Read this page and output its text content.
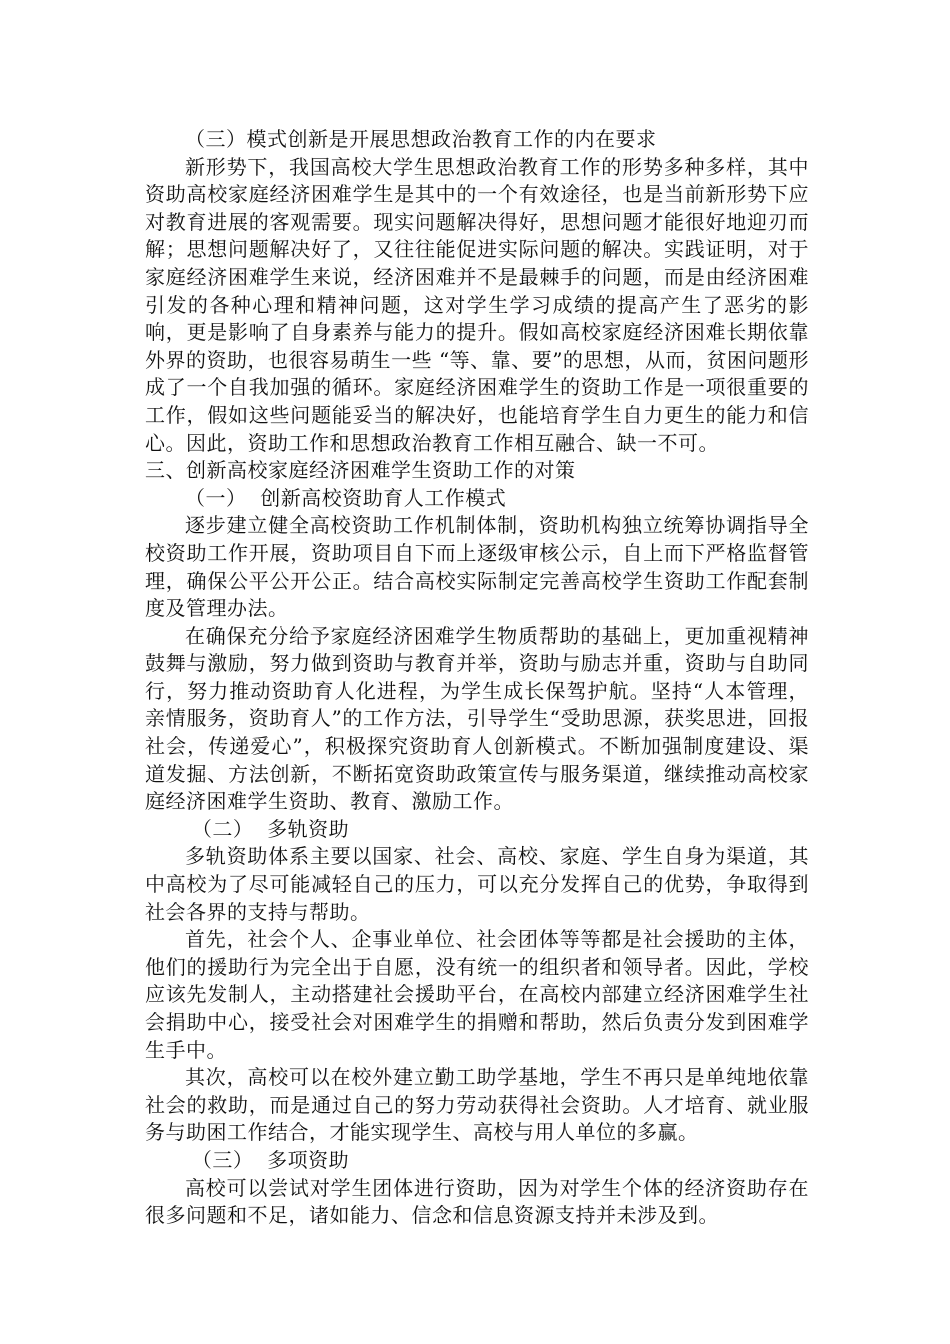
（三）模式创新是开展思想政治教育工作的内在要求

新形势下，我国高校大学生思想政治教育工作的形势多种多样，其中资助高校家庭经济困难学生是其中的一个有效途径，也是当前新形势下应对教育进展的客观需要。现实问题解决得好，思想问题才能很好地迎刃而解；思想问题解决好了，又往往能促进实际问题的解决。实践证明，对于家庭经济困难学生来说，经济困难并不是最棘手的问题，而是由经济困难引发的各种心理和精神问题，这对学生学习成绩的提高产生了恶劣的影响，更是影响了自身素养与能力的提升。假如高校家庭经济困难长期依靠外界的资助，也很容易萌生一些 “等、靠、要”的思想，从而，贫困问题形成了一个自我加强的循环。家庭经济困难学生的资助工作是一项很重要的工作，假如这些问题能妥当的解决好，也能培育学生自力更生的能力和信心。因此，资助工作和思想政治教育工作相互融合、缺一不可。

三、创新高校家庭经济困难学生资助工作的对策

（一）  创新高校资助育人工作模式

逐步建立健全高校资助工作机制体制，资助机构独立统筹协调指导全校资助工作开展，资助项目自下而上逐级审核公示，自上而下严格监督管理，确保公平公开公正。结合高校实际制定完善高校学生资助工作配套制度及管理办法。

在确保充分给予家庭经济困难学生物质帮助的基础上，更加重视精神鼓舞与激励，努力做到资助与教育并举，资助与励志并重，资助与自助同行，努力推动资助育人化进程，为学生成长保驾护航。坚持“人本管理，亲情服务，资助育人”的工作方法，引导学生“受助思源，获奖思进，回报社会，传递爱心”，积极探究资助育人创新模式。不断加强制度建设、渠道发掘、方法创新，不断拓宽资助政策宣传与服务渠道，继续推动高校家庭经济困难学生资助、教育、激励工作。

（二）  多轨资助

多轨资助体系主要以国家、社会、高校、家庭、学生自身为渠道，其中高校为了尽可能减轻自己的压力，可以充分发挥自己的优势，争取得到社会各界的支持与帮助。

首先，社会个人、企事业单位、社会团体等等都是社会援助的主体，他们的援助行为完全出于自愿，没有统一的组织者和领导者。因此，学校应该先发制人，主动搭建社会援助平台，在高校内部建立经济困难学生社会捐助中心，接受社会对困难学生的捐赠和帮助，然后负责分发到困难学生手中。

其次，高校可以在校外建立勤工助学基地，学生不再只是单纯地依靠社会的救助，而是通过自己的努力劳动获得社会资助。人才培育、就业服务与助困工作结合，才能实现学生、高校与用人单位的多赢。

（三）  多项资助

高校可以尝试对学生团体进行资助，因为对学生个体的经济资助存在很多问题和不足，诸如能力、信念和信息资源支持并未涉及到。
